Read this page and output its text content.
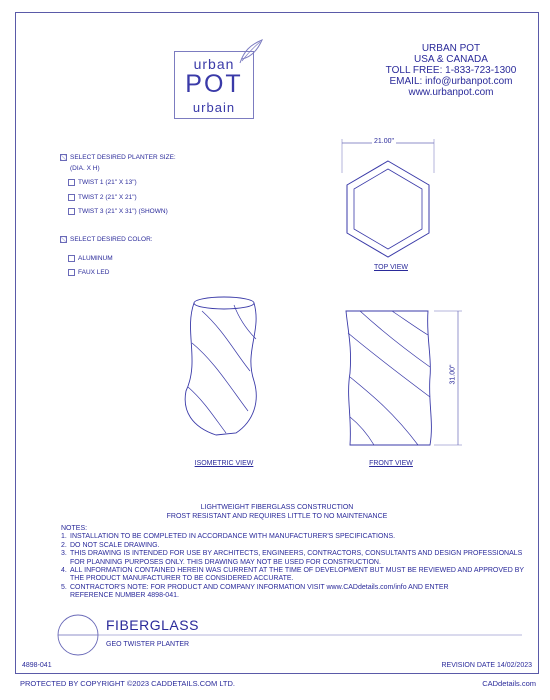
urban
POT
urbain
URBAN POT
USA & CANADA
TOLL FREE: 1-833-723-1300
EMAIL: info@urbanpot.com
www.urbanpot.com
SELECT DESIRED PLANTER SIZE:
(DIA. X H)
TWIST 1 (21" X 13")
TWIST 2 (21" X 21")
TWIST 3 (21" X 31") (SHOWN)
SELECT DESIRED COLOR:
ALUMINUM
FAUX LED
21.00"
TOP VIEW
ISOMETRIC VIEW
31.00"
FRONT VIEW
LIGHTWEIGHT FIBERGLASS CONSTRUCTION
FROST RESISTANT AND REQUIRES LITTLE TO NO MAINTENANCE
NOTES:
1. INSTALLATION TO BE COMPLETED IN ACCORDANCE WITH MANUFACTURER'S SPECIFICATIONS.
2. DO NOT SCALE DRAWING.
3. THIS DRAWING IS INTENDED FOR USE BY ARCHITECTS, ENGINEERS, CONTRACTORS, CONSULTANTS AND DESIGN PROFESSIONALS
FOR PLANNING PURPOSES ONLY. THIS DRAWING MAY NOT BE USED FOR CONSTRUCTION.
4. ALL INFORMATION CONTAINED HEREIN WAS CURRENT AT THE TIME OF DEVELOPMENT BUT MUST BE REVIEWED AND APPROVED BY
THE PRODUCT MANUFACTURER TO BE CONSIDERED ACCURATE.
5. CONTRACTOR'S NOTE: FOR PRODUCT AND COMPANY INFORMATION VISIT www.CADdetails.com/info AND ENTER
REFERENCE NUMBER 4898-041.
FIBERGLASS
GEO TWISTER PLANTER
4898-041	REVISION DATE 14/02/2023
PROTECTED BY COPYRIGHT ©2023 CADDETAILS.COM LTD.	CADdetails.com
